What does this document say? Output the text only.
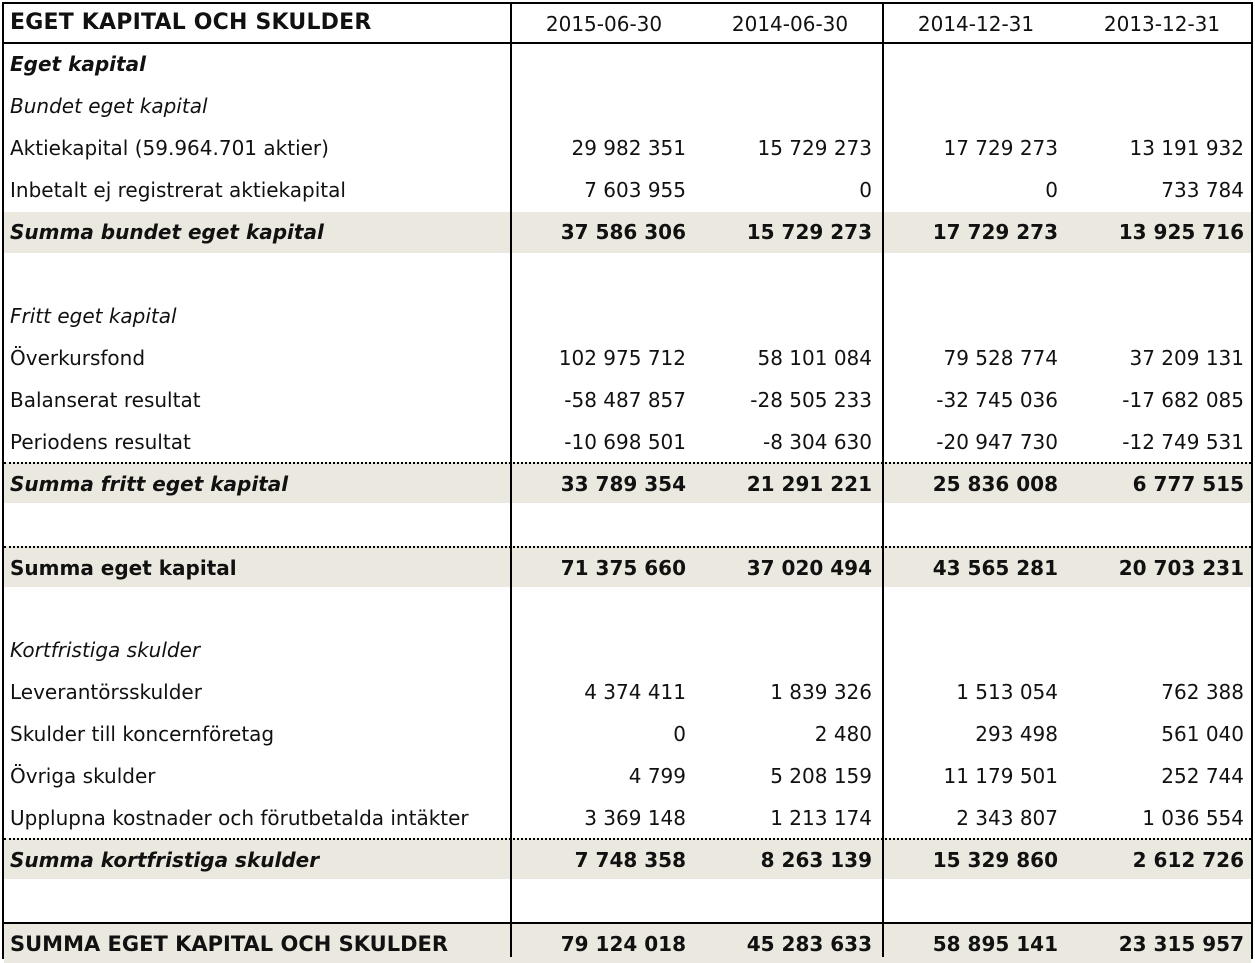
EGET KAPITAL OCH SKULDER	2015-06-30	2014-06-30	2014-12-31	2013-12-31
Eget kapital
Bundet eget kapital
Aktiekapital (59.964.701 aktier)	29 982 351	15 729 273	17 729 273	13 191 932
Inbetalt ej registrerat aktiekapital	7 603 955	0	0	733 784
Summa bundet eget kapital	37 586 306	15 729 273	17 729 273	13 925 716
Fritt eget kapital
Överkursfond	102 975 712	58 101 084	79 528 774	37 209 131
Balanserat resultat	-58 487 857	-28 505 233	-32 745 036	-17 682 085
Periodens resultat	-10 698 501	-8 304 630	-20 947 730	-12 749 531
Summa fritt eget kapital	33 789 354	21 291 221	25 836 008	6 777 515
Summa eget kapital	71 375 660	37 020 494	43 565 281	20 703 231
Kortfristiga skulder
Leverantörsskulder	4 374 411	1 839 326	1 513 054	762 388
Skulder till koncernföretag	0	2 480	293 498	561 040
Övriga skulder	4 799	5 208 159	11 179 501	252 744
Upplupna kostnader och förutbetalda intäkter	3 369 148	1 213 174	2 343 807	1 036 554
Summa kortfristiga skulder	7 748 358	8 263 139	15 329 860	2 612 726
SUMMA EGET KAPITAL OCH SKULDER	79 124 018	45 283 633	58 895 141	23 315 957
